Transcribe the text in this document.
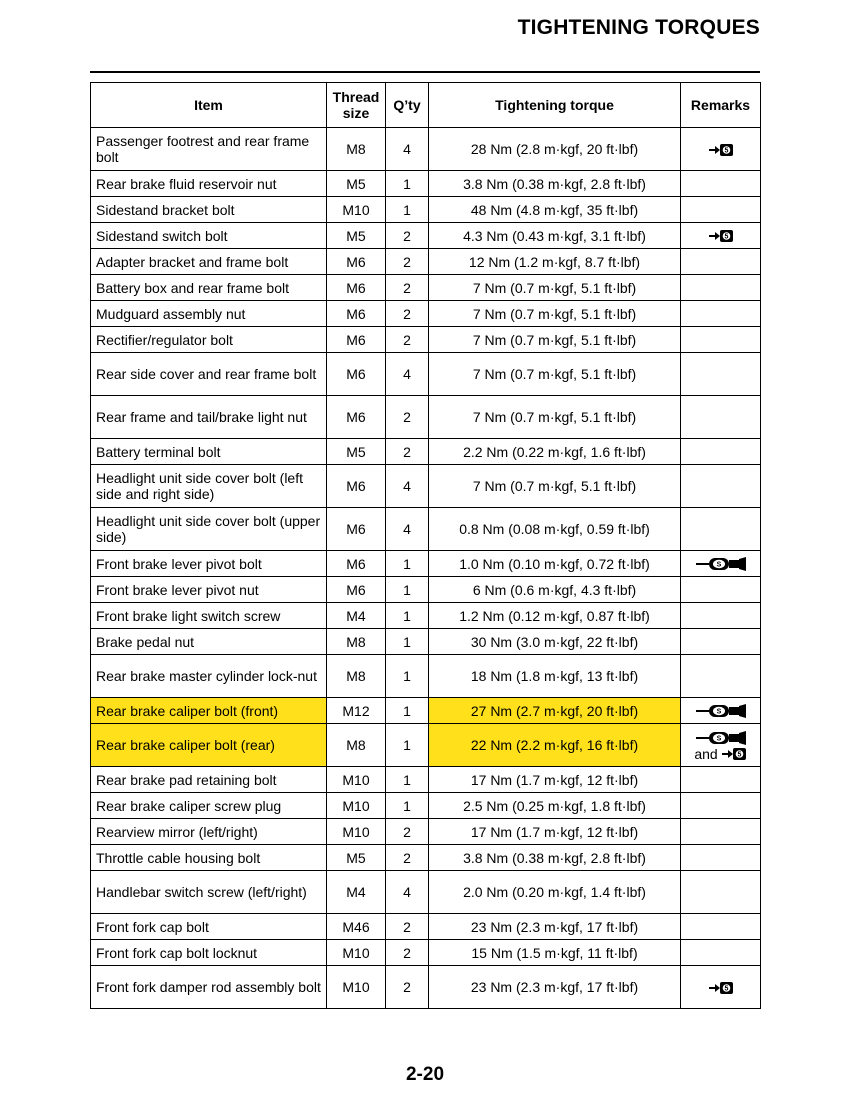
TIGHTENING TORQUES
Item	Thread size	Q’ty	Tightening torque	Remarks
Passenger footrest and rear frame bolt	M8	4	28 Nm (2.8 m·kgf, 20 ft·lbf)	5

Rear brake fluid reservoir nut	M5	1	3.8 Nm (0.38 m·kgf, 2.8 ft·lbf)	
Sidestand bracket bolt	M10	1	48 Nm (4.8 m·kgf, 35 ft·lbf)	
Sidestand switch bolt	M5	2	4.3 Nm (0.43 m·kgf, 3.1 ft·lbf)	5

Adapter bracket and frame bolt	M6	2	12 Nm (1.2 m·kgf, 8.7 ft·lbf)	
Battery box and rear frame bolt	M6	2	7 Nm (0.7 m·kgf, 5.1 ft·lbf)	
Mudguard assembly nut	M6	2	7 Nm (0.7 m·kgf, 5.1 ft·lbf)	
Rectifier/regulator bolt	M6	2	7 Nm (0.7 m·kgf, 5.1 ft·lbf)	
Rear side cover and rear frame bolt	M6	4	7 Nm (0.7 m·kgf, 5.1 ft·lbf)	
Rear frame and tail/brake light nut	M6	2	7 Nm (0.7 m·kgf, 5.1 ft·lbf)	
Battery terminal bolt	M5	2	2.2 Nm (0.22 m·kgf, 1.6 ft·lbf)	
Headlight unit side cover bolt (left side and right side)	M6	4	7 Nm (0.7 m·kgf, 5.1 ft·lbf)	
Headlight unit side cover bolt (upper side)	M6	4	0.8 Nm (0.08 m·kgf, 0.59 ft·lbf)	
Front brake lever pivot bolt	M6	1	1.0 Nm (0.10 m·kgf, 0.72 ft·lbf)	S

Front brake lever pivot nut	M6	1	6 Nm (0.6 m·kgf, 4.3 ft·lbf)	
Front brake light switch screw	M4	1	1.2 Nm (0.12 m·kgf, 0.87 ft·lbf)	
Brake pedal nut	M8	1	30 Nm (3.0 m·kgf, 22 ft·lbf)	
Rear brake master cylinder lock-nut	M8	1	18 Nm (1.8 m·kgf, 13 ft·lbf)	
Rear brake caliper bolt (front)	M12	1	27 Nm (2.7 m·kgf, 20 ft·lbf)	S

Rear brake caliper bolt (rear)	M8	1	22 Nm (2.2 m·kgf, 16 ft·lbf)	S
and 5

Rear brake pad retaining bolt	M10	1	17 Nm (1.7 m·kgf, 12 ft·lbf)	
Rear brake caliper screw plug	M10	1	2.5 Nm (0.25 m·kgf, 1.8 ft·lbf)	
Rearview mirror (left/right)	M10	2	17 Nm (1.7 m·kgf, 12 ft·lbf)	
Throttle cable housing bolt	M5	2	3.8 Nm (0.38 m·kgf, 2.8 ft·lbf)	
Handlebar switch screw (left/right)	M4	4	2.0 Nm (0.20 m·kgf, 1.4 ft·lbf)	
Front fork cap bolt	M46	2	23 Nm (2.3 m·kgf, 17 ft·lbf)	
Front fork cap bolt locknut	M10	2	15 Nm (1.5 m·kgf, 11 ft·lbf)	
Front fork damper rod assembly bolt	M10	2	23 Nm (2.3 m·kgf, 17 ft·lbf)	5
2-20
